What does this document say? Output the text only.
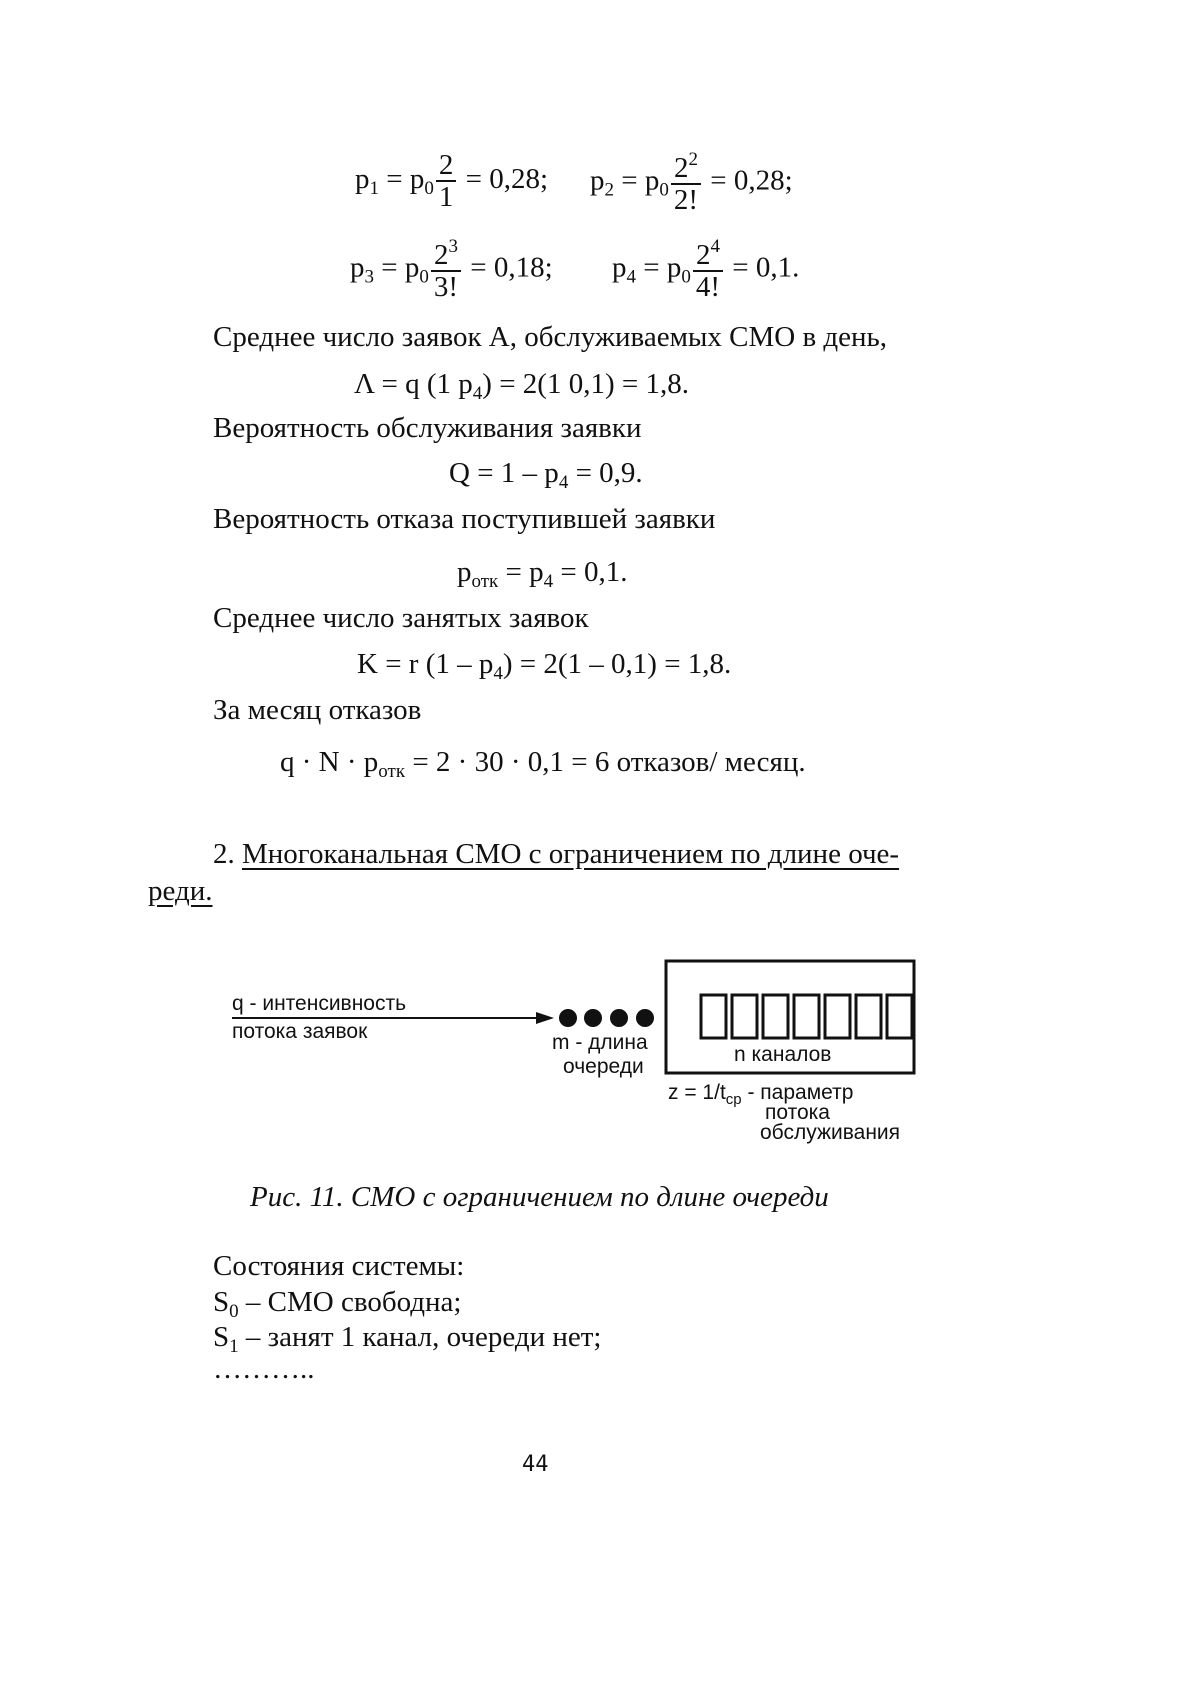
$p_1 = p_0 \frac{2}{1} = 0,28$; $p_2 = p_0 \frac{2^2}{2!} = 0,28$;
$p_3 = p_0 \frac{2^3}{3!} = 0,18$; $p_4 = p_0 \frac{2^4}{4!} = 0,1$.
Среднее число заявок A, обслуживаемых СМО в день,
Λ = q (1 $p_4) = 2(1$ 0,1) = 1,8.
Вероятность обслуживания заявки
$Q = 1 - p_4 = 0,9$.
Вероятность отказа поступившей заявки
$p_{отк} = p_4 = 0,1$.
Среднее число занятых заявок
K = r $(1 - p_4) = 2(1 - 0,1) = 1,8$.
За месяц отказов
$q \cdot N \cdot p_{отк} = 2 \cdot 30 \cdot 0,1 = 6$ отказов/ месяц.
2. Многоканальная СМО с ограничением по длине оче-
реди.
q - интенсивность
потока заявок	m - длина
очереди
n каналов
$z = 1/t_{ср}$ - параметр
потока
обслуживания
Рис. 11. СМО с ограничением по длине очереди
Состояния системы:
$S_0$ – СМО свободна;
$S_1$ – занят 1 канал, очереди нет;
………..
44
